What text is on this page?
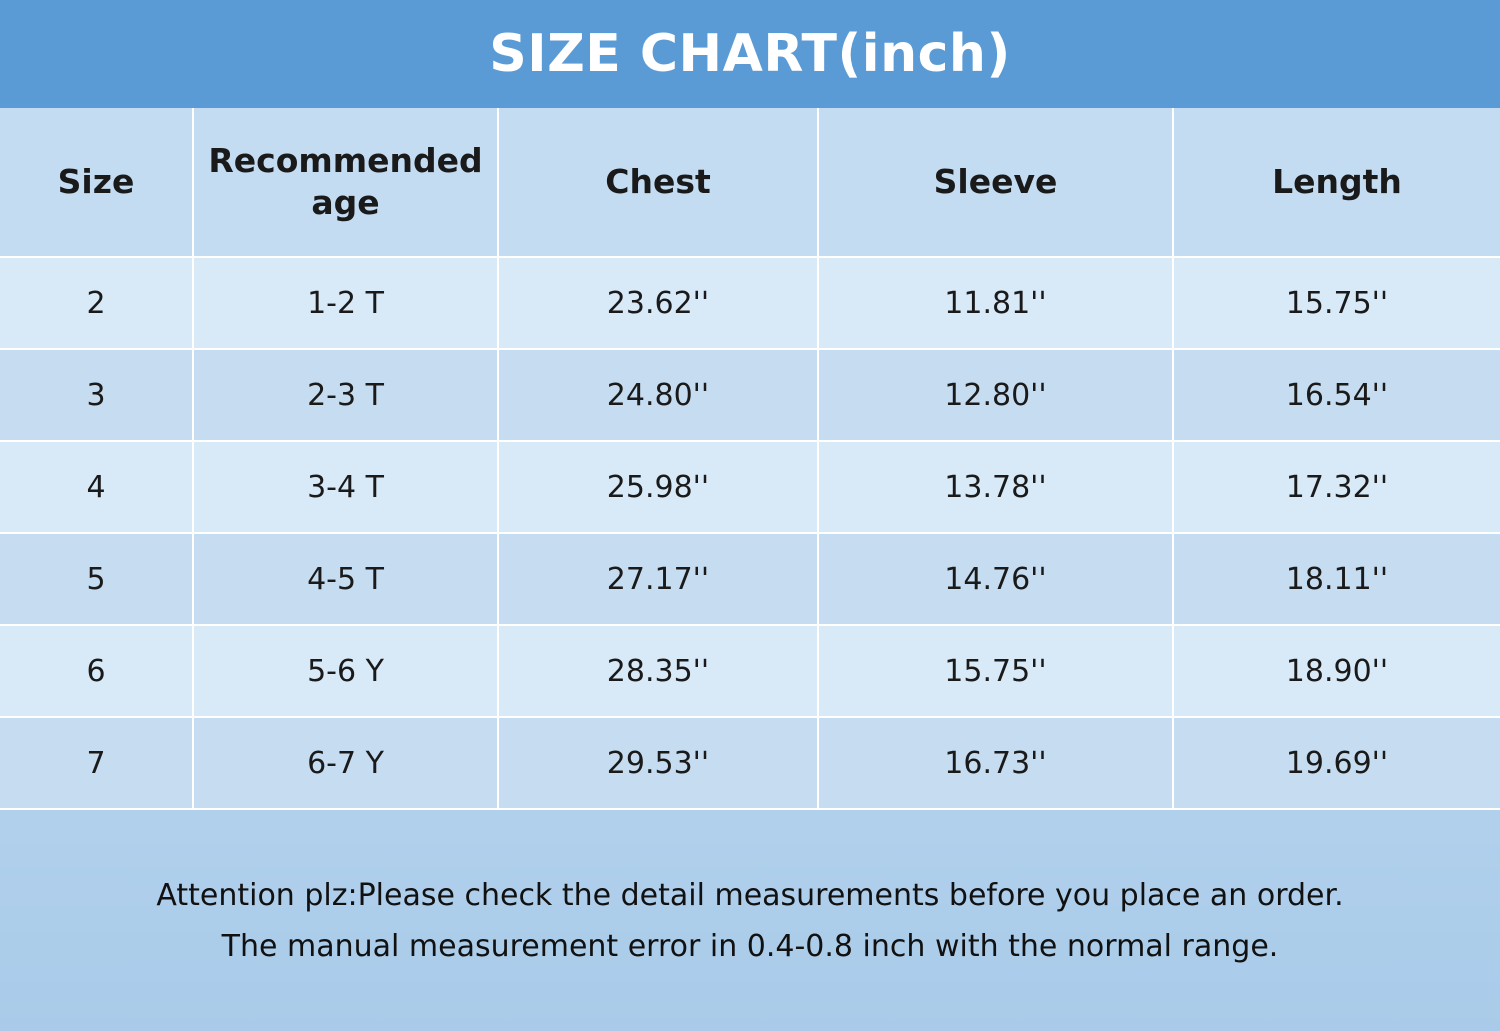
SIZE CHART(inch)
Size	Recommended age	Chest	Sleeve	Length
2	1-2 T	23.62''	11.81''	15.75''
3	2-3 T	24.80''	12.80''	16.54''
4	3-4 T	25.98''	13.78''	17.32''
5	4-5 T	27.17''	14.76''	18.11''
6	5-6 Y	28.35''	15.75''	18.90''
7	6-7 Y	29.53''	16.73''	19.69''
Attention plz:Please check the detail measurements before you place an order.
The manual measurement error in 0.4-0.8 inch with the normal range.
